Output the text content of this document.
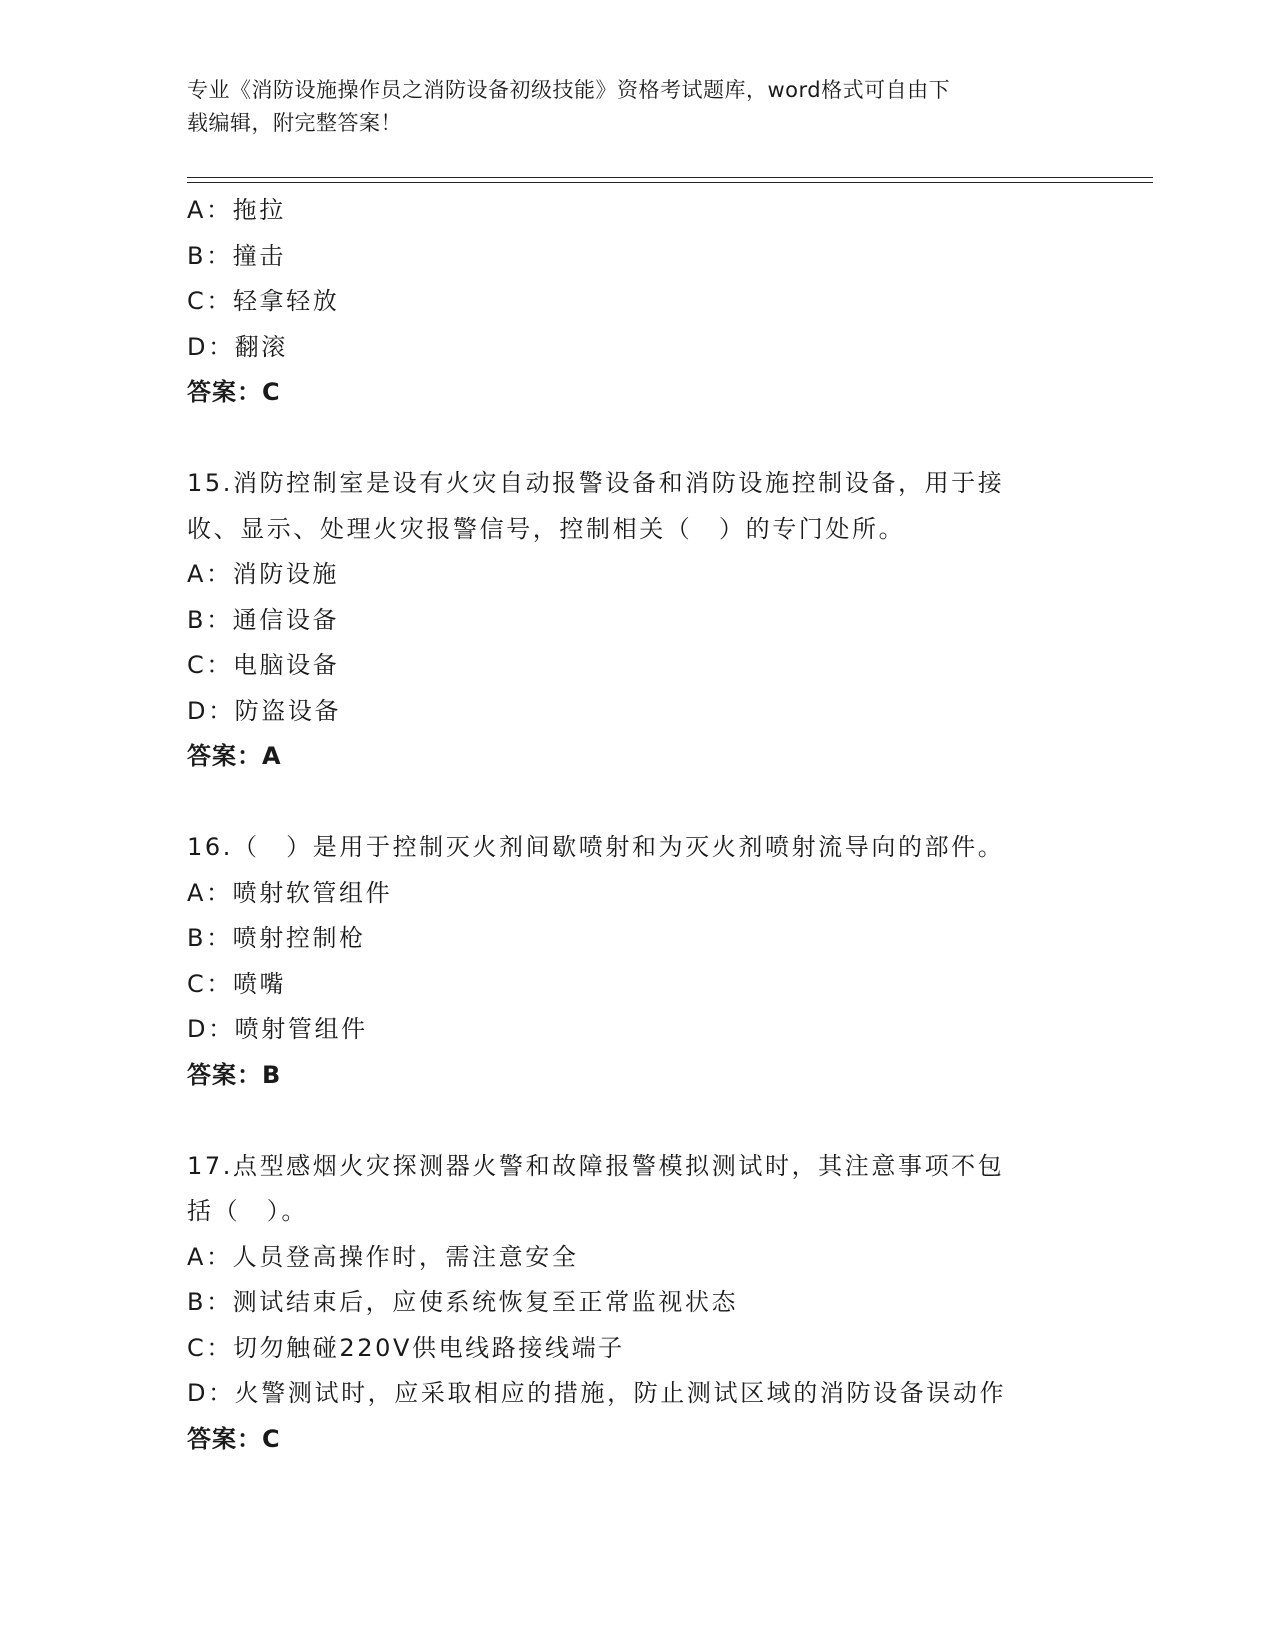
专业《消防设施操作员之消防设备初级技能》资格考试题库，word格式可自由下
载编辑，附完整答案！
A：拖拉
B：撞击
C：轻拿轻放
D：翻滚
答案：C
15.消防控制室是设有火灾自动报警设备和消防设施控制设备，用于接
收、显示、处理火灾报警信号，控制相关（　）的专门处所。
A：消防设施
B：通信设备
C：电脑设备
D：防盗设备
答案：A
16.（　）是用于控制灭火剂间歇喷射和为灭火剂喷射流导向的部件。
A：喷射软管组件
B：喷射控制枪
C：喷嘴
D：喷射管组件
答案：B
17.点型感烟火灾探测器火警和故障报警模拟测试时，其注意事项不包
括（　）。
A：人员登高操作时，需注意安全
B：测试结束后，应使系统恢复至正常监视状态
C：切勿触碰220V供电线路接线端子
D：火警测试时，应采取相应的措施，防止测试区域的消防设备误动作
答案：C
